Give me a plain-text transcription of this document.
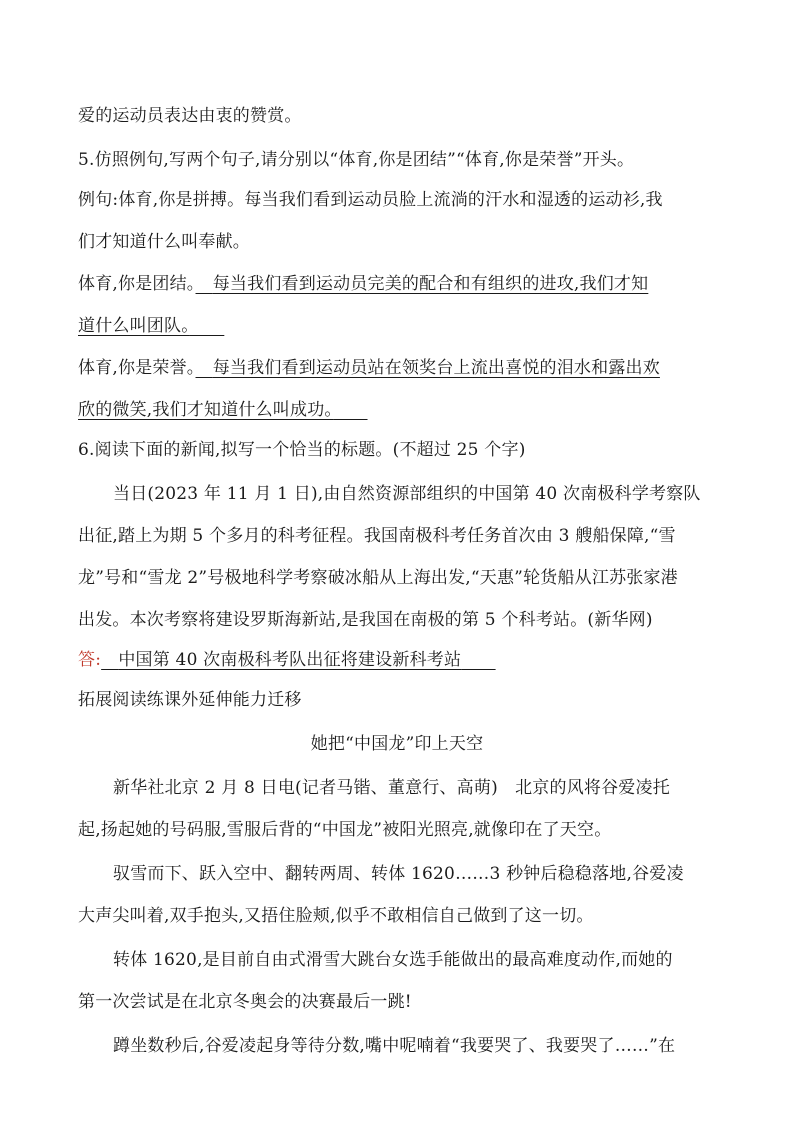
爱的运动员表达由衷的赞赏。
5.仿照例句,写两个句子,请分别以“体育,你是团结”“体育,你是荣誉”开头。
例句:体育,你是拼搏。每当我们看到运动员脸上流淌的汗水和湿透的运动衫,我
们才知道什么叫奉献。
体育,你是团结。　 每当我们看到运动员完美的配合和有组织的进攻,我们才知
道什么叫团队。　　
体育,你是荣誉。　 每当我们看到运动员站在领奖台上流出喜悦的泪水和露出欢
欣的微笑,我们才知道什么叫成功。　　
6.阅读下面的新闻,拟写一个恰当的标题。(不超过 25 个字)
当日(2023 年 11 月 1 日),由自然资源部组织的中国第 40 次南极科学考察队
出征,踏上为期 5 个多月的科考征程。我国南极科考任务首次由 3 艘船保障,“雪
龙”号和“雪龙 2”号极地科学考察破冰船从上海出发,“天惠”轮货船从江苏张家港
出发。本次考察将建设罗斯海新站,是我国在南极的第 5 个科考站。(新华网)
答:　 中国第 40 次南极科考队出征将建设新科考站　　
拓展阅读练课外延伸能力迁移
她把“中国龙”印上天空
新华社北京 2 月 8 日电(记者马锴、董意行、高萌)　北京的风将谷爱凌托
起,扬起她的号码服,雪服后背的“中国龙”被阳光照亮,就像印在了天空。
驭雪而下、跃入空中、翻转两周、转体 1620……3 秒钟后稳稳落地,谷爱凌
大声尖叫着,双手抱头,又捂住脸颊,似乎不敢相信自己做到了这一切。
转体 1620,是目前自由式滑雪大跳台女选手能做出的最高难度动作,而她的
第一次尝试是在北京冬奥会的决赛最后一跳!
蹲坐数秒后,谷爱凌起身等待分数,嘴中呢喃着“我要哭了、我要哭了……”在
